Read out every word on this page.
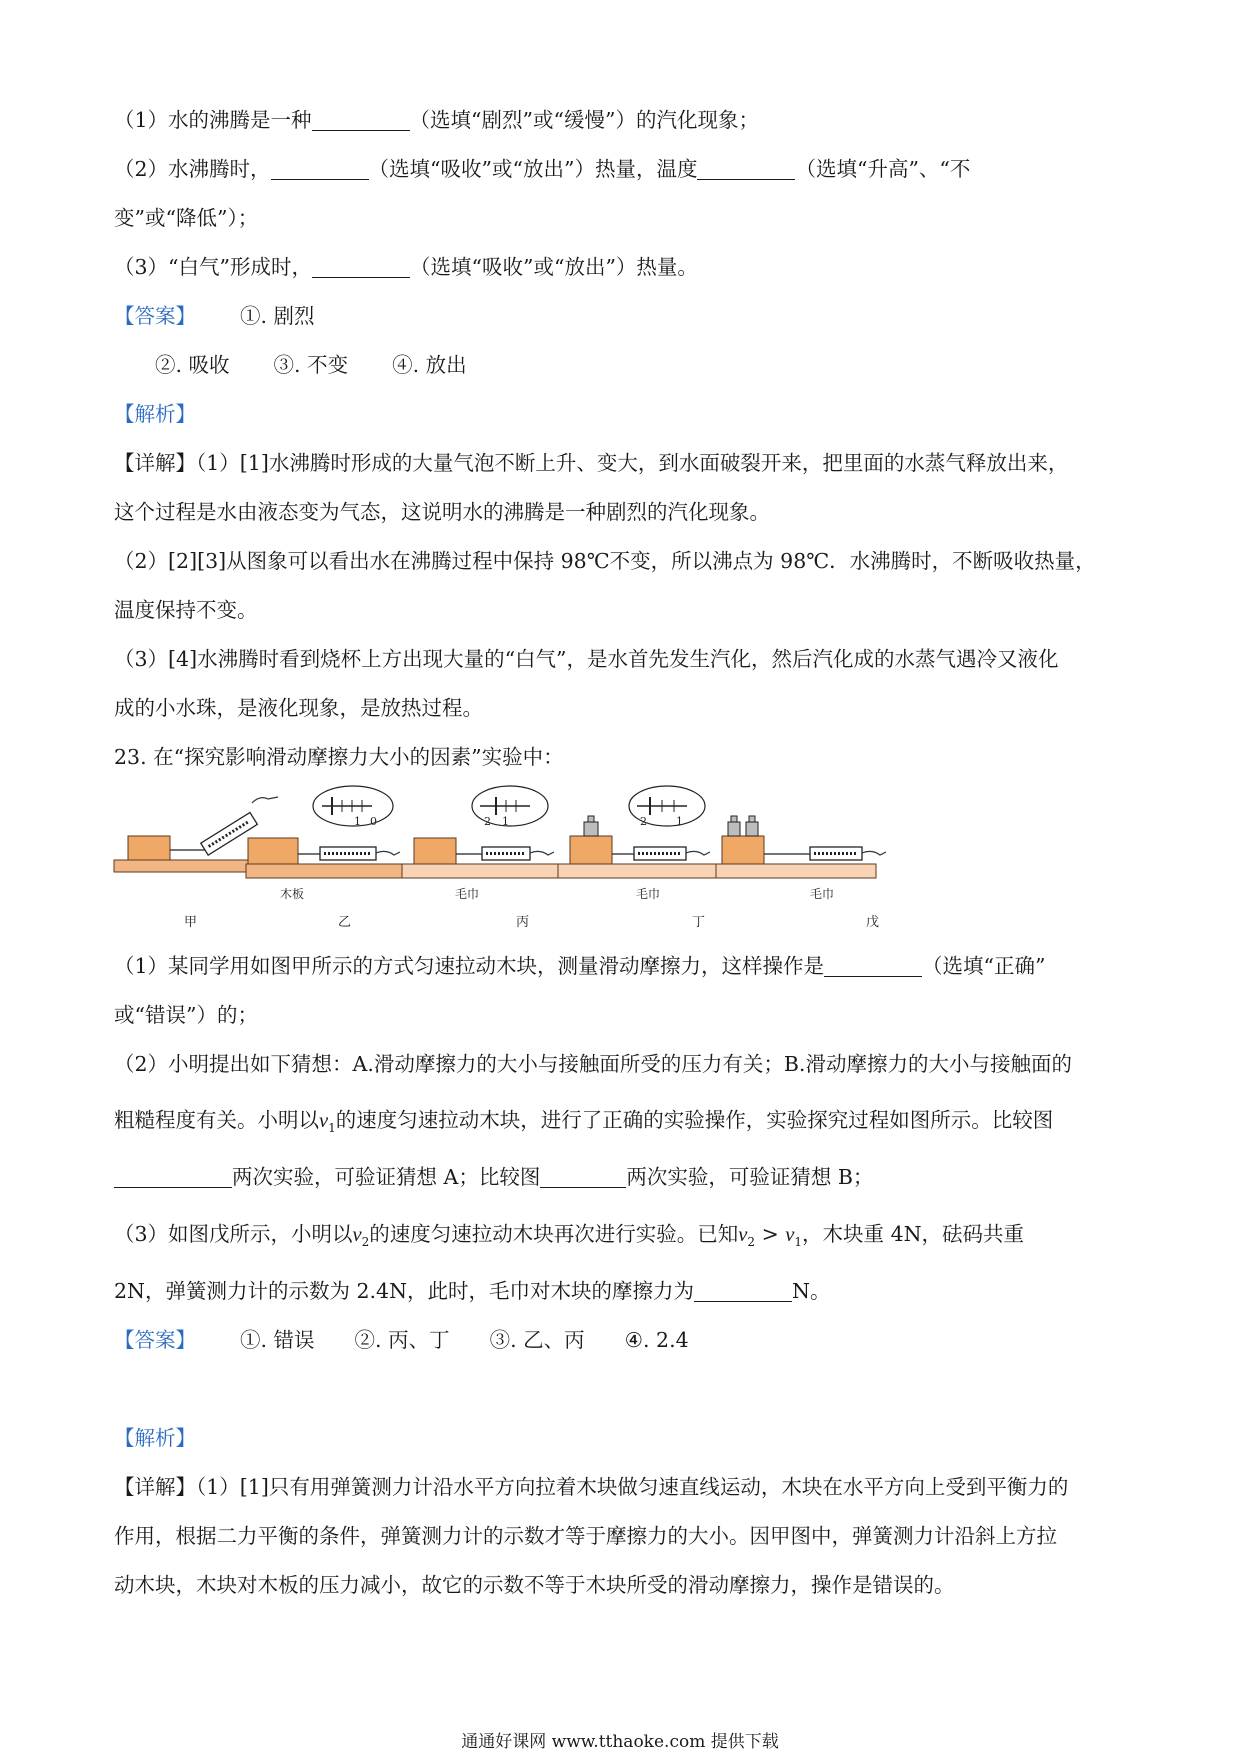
（1）水的沸腾是一种	（选填“剧烈”或“缓慢”）的汽化现象；
（2）水沸腾时，	（选填“吸收”或“放出”）热量，温度	（选填“升高”、“不
变”或“降低”）；
（3）“白气”形成时，	（选填“吸收”或“放出”）热量。
【答案】 ①. 剧烈
②. 吸收 ③. 不变 ④. 放出
【解析】
【详解】（1）[1]水沸腾时形成的大量气泡不断上升、变大，到水面破裂开来，把里面的水蒸气释放出来，
这个过程是水由液态变为气态，这说明水的沸腾是一种剧烈的汽化现象。
（2）[2][3]从图象可以看出水在沸腾过程中保持 98℃不变，所以沸点为 98℃．水沸腾时，不断吸收热量，
温度保持不变。
（3）[4]水沸腾时看到烧杯上方出现大量的“白气”，是水首先发生汽化，然后汽化成的水蒸气遇冷又液化
成的小水珠，是液化现象，是放热过程。
23. 在“探究影响滑动摩擦力大小的因素”实验中：
1 0	2 1	2	1
木板	毛巾	毛巾	毛巾
甲	乙	丙	丁	戊
（1）某同学用如图甲所示的方式匀速拉动木块，测量滑动摩擦力，这样操作是	（选填“正确”
或“错误”）的；
（2）小明提出如下猜想：A.滑动摩擦力的大小与接触面所受的压力有关；B.滑动摩擦力的大小与接触面的
粗糙程度有关。小明以$v_1$的速度匀速拉动木块，进行了正确的实验操作，实验探究过程如图所示。比较图
两次实验，可验证猜想 A；比较图	两次实验，可验证猜想 B；
（3）如图戊所示，小明以$v_2$的速度匀速拉动木块再次进行实验。已知$v_2 > v_1$，木块重 4N，砝码共重
2N，弹簧测力计的示数为 2.4N，此时，毛巾对木块的摩擦力为	N。
【答案】 ①. 错误 ②. 丙、丁 ③. 乙、丙 ④. 2.4
【解析】
【详解】（1）[1]只有用弹簧测力计沿水平方向拉着木块做匀速直线运动，木块在水平方向上受到平衡力的
作用，根据二力平衡的条件，弹簧测力计的示数才等于摩擦力的大小。因甲图中，弹簧测力计沿斜上方拉
动木块，木块对木板的压力减小，故它的示数不等于木块所受的滑动摩擦力，操作是错误的。
通通好课网 www.tthaoke.com 提供下载
